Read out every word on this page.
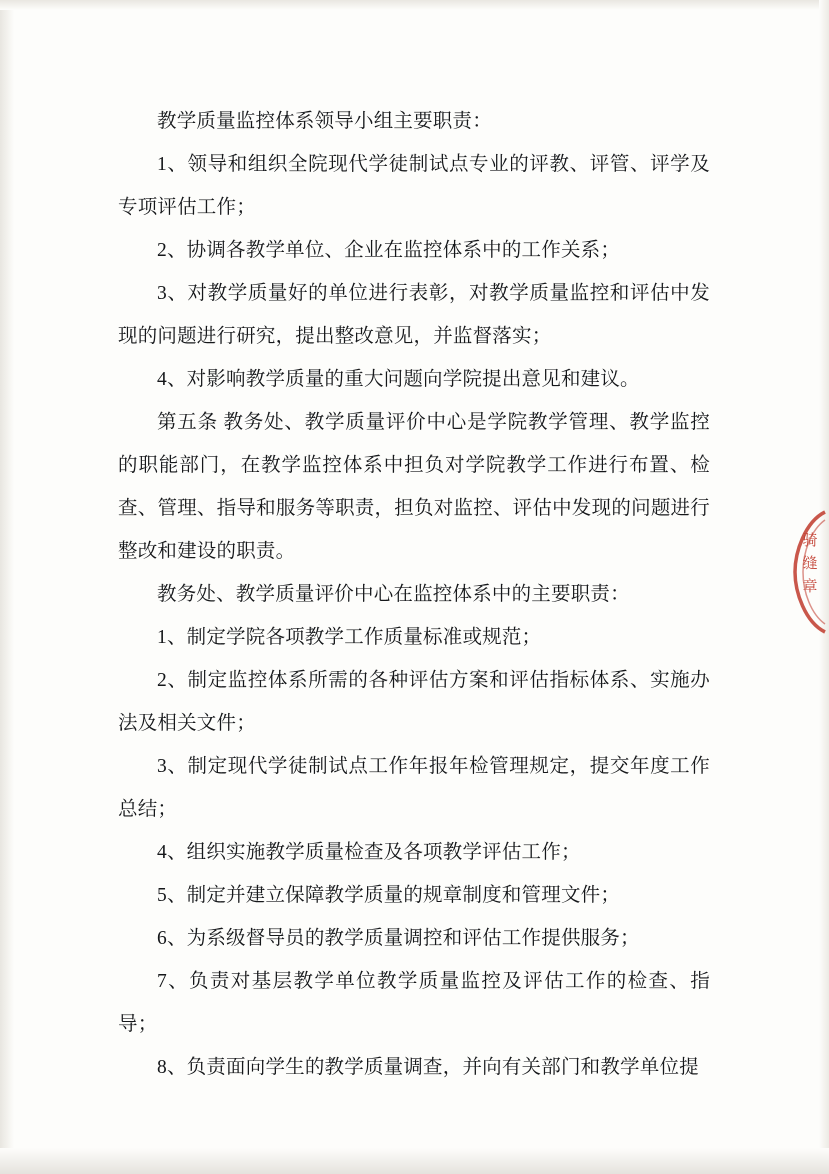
教学质量监控体系领导小组主要职责：

1、领导和组织全院现代学徒制试点专业的评教、评管、评学及专项评估工作；

2、协调各教学单位、企业在监控体系中的工作关系；

3、对教学质量好的单位进行表彰，对教学质量监控和评估中发现的问题进行研究，提出整改意见，并监督落实；

4、对影响教学质量的重大问题向学院提出意见和建议。

第五条 教务处、教学质量评价中心是学院教学管理、教学监控的职能部门，在教学监控体系中担负对学院教学工作进行布置、检查、管理、指导和服务等职责，担负对监控、评估中发现的问题进行整改和建设的职责。

教务处、教学质量评价中心在监控体系中的主要职责：

1、制定学院各项教学工作质量标准或规范；

2、制定监控体系所需的各种评估方案和评估指标体系、实施办法及相关文件；

3、制定现代学徒制试点工作年报年检管理规定，提交年度工作总结；

4、组织实施教学质量检查及各项教学评估工作；

5、制定并建立保障教学质量的规章制度和管理文件；

6、为系级督导员的教学质量调控和评估工作提供服务；

7、负责对基层教学单位教学质量监控及评估工作的检查、指导；

8、负责面向学生的教学质量调查，并向有关部门和教学单位提

骑缝章
